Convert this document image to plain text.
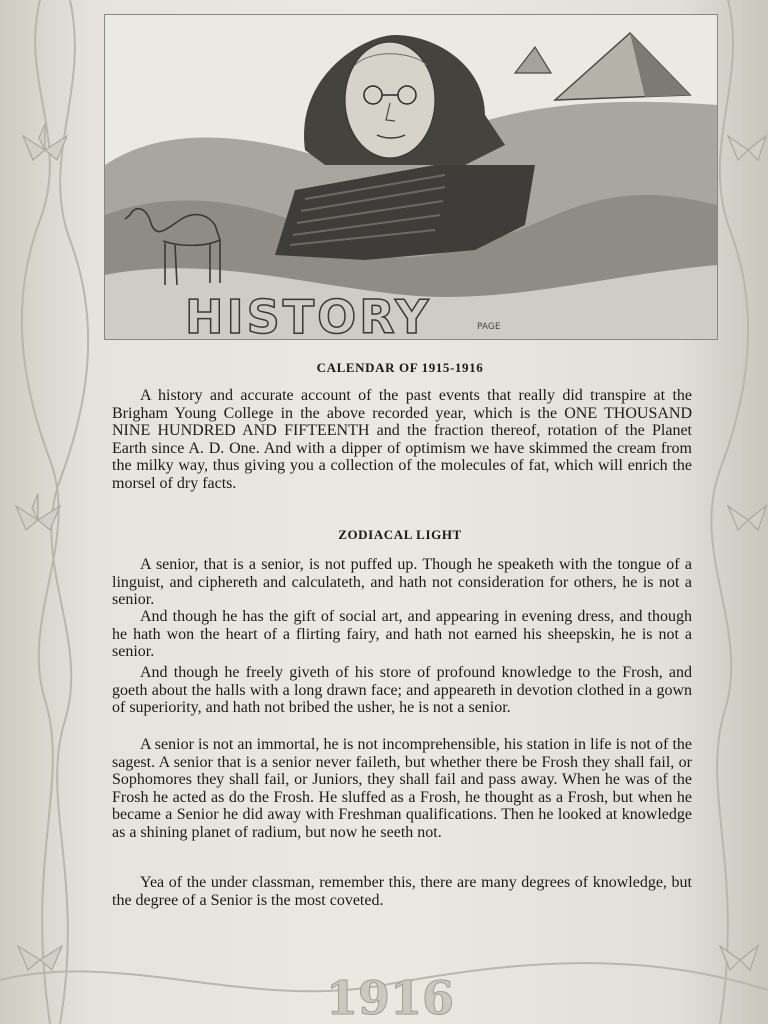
HISTORY	PAGE
CALENDAR OF 1915-1916

A history and accurate account of the past events that really did transpire at the Brigham Young College in the above recorded year, which is the ONE THOUSAND NINE HUNDRED AND FIFTEENTH and the fraction thereof, rotation of the Planet Earth since A. D. One. And with a dipper of optimism we have skimmed the cream from the milky way, thus giving you a collection of the molecules of fat, which will enrich the morsel of dry facts.

ZODIACAL LIGHT

A senior, that is a senior, is not puffed up. Though he speaketh with the tongue of a linguist, and ciphereth and calculateth, and hath not consideration for others, he is not a senior.

And though he has the gift of social art, and appearing in evening dress, and though he hath won the heart of a flirting fairy, and hath not earned his sheepskin, he is not a senior.

And though he freely giveth of his store of profound knowledge to the Frosh, and goeth about the halls with a long drawn face; and appeareth in devotion clothed in a gown of superiority, and hath not bribed the usher, he is not a senior.

A senior is not an immortal, he is not incomprehensible, his station in life is not of the sagest. A senior that is a senior never faileth, but whether there be Frosh they shall fail, or Sophomores they shall fail, or Juniors, they shall fail and pass away. When he was of the Frosh he acted as do the Frosh. He sluffed as a Frosh, he thought as a Frosh, but when he became a Senior he did away with Freshman qualifications. Then he looked at knowledge as a shining planet of radium, but now he seeth not.

Yea of the under classman, remember this, there are many degrees of knowledge, but the degree of a Senior is the most coveted.

1916
